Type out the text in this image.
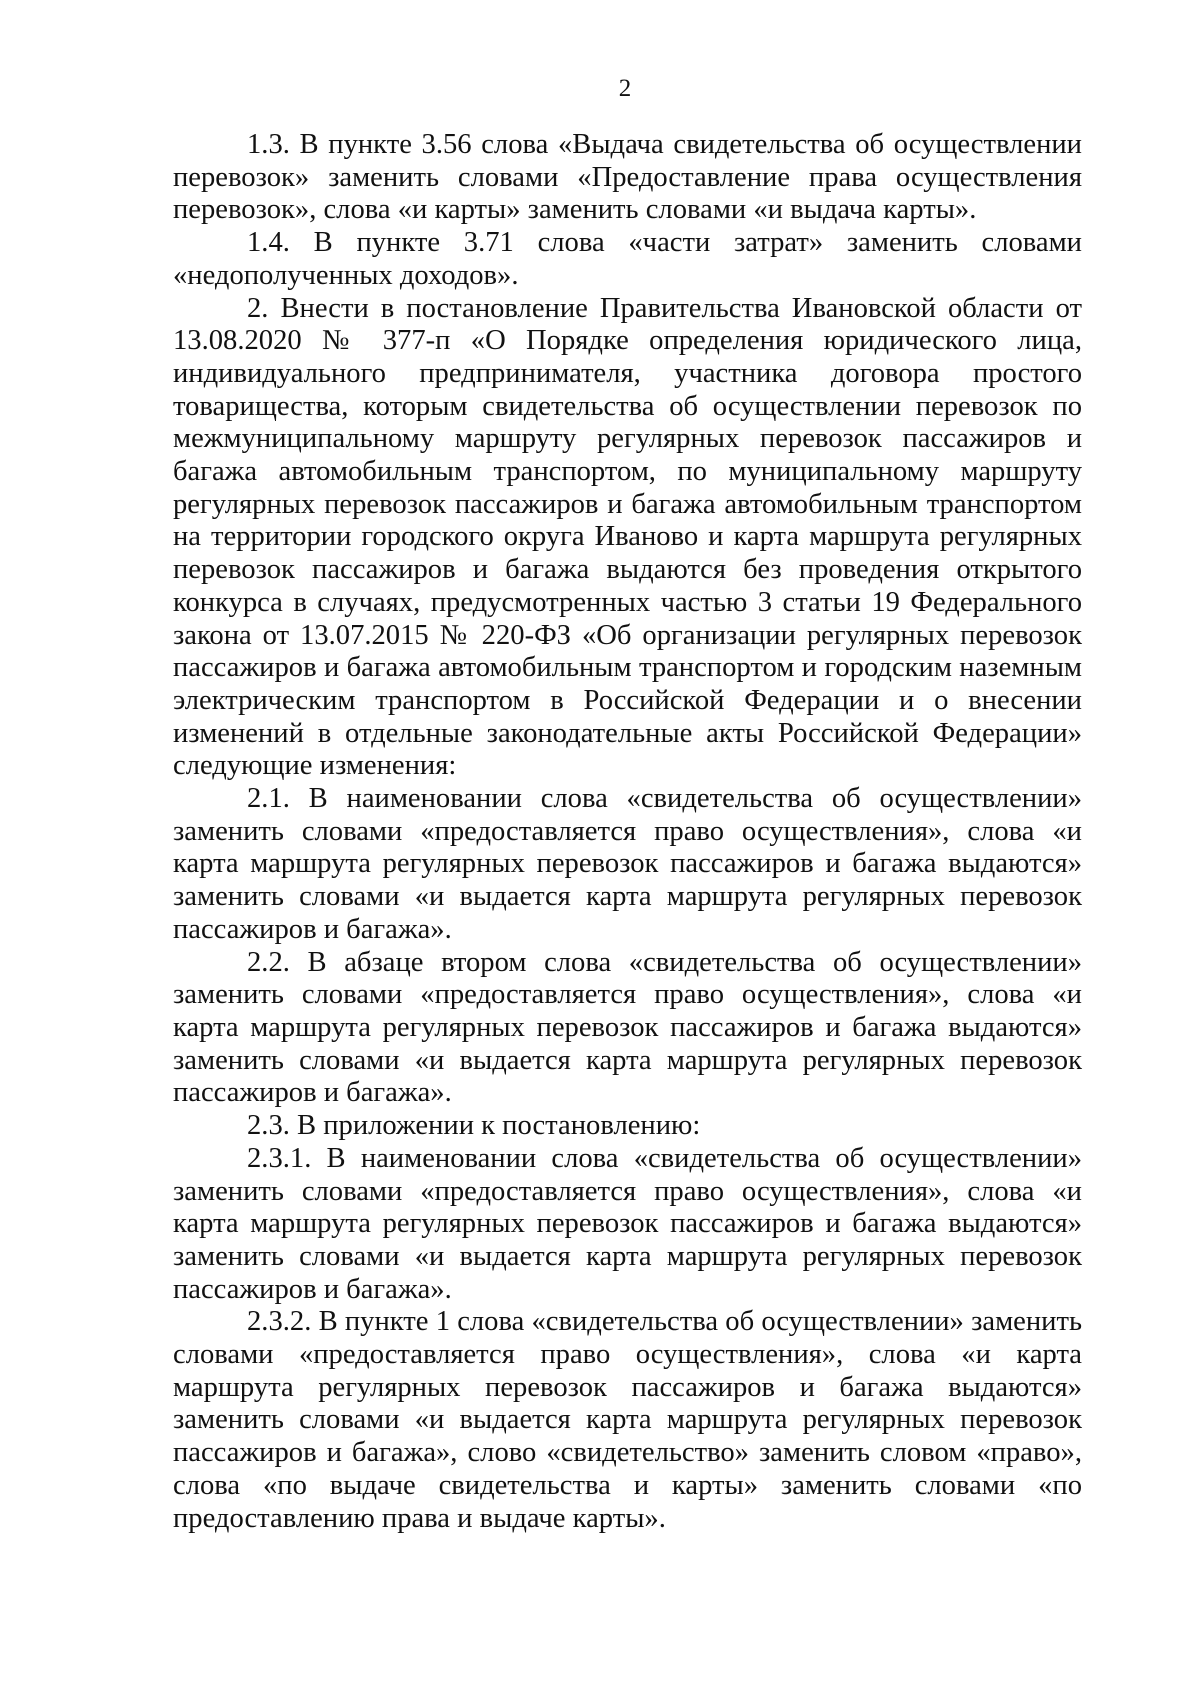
2

1.3. В пункте 3.56 слова «Выдача свидетельства об осуществлении перевозок» заменить словами «Предоставление права осуществления перевозок», слова «и карты» заменить словами «и выдача карты».

1.4. В пункте 3.71 слова «части затрат» заменить словами «недополученных доходов».

2. Внести в постановление Правительства Ивановской области от 13.08.2020 № 377-п «О Порядке определения юридического лица, индивидуального предпринимателя, участника договора простого товарищества, которым свидетельства об осуществлении перевозок по межмуниципальному маршруту регулярных перевозок пассажиров и багажа автомобильным транспортом, по муниципальному маршруту регулярных перевозок пассажиров и багажа автомобильным транспортом на территории городского округа Иваново и карта маршрута регулярных перевозок пассажиров и багажа выдаются без проведения открытого конкурса в случаях, предусмотренных частью 3 статьи 19 Федерального закона от 13.07.2015 № 220-ФЗ «Об организации регулярных перевозок пассажиров и багажа автомобильным транспортом и городским наземным электрическим транспортом в Российской Федерации и о внесении изменений в отдельные законодательные акты Российской Федерации» следующие изменения:

2.1. В наименовании слова «свидетельства об осуществлении» заменить словами «предоставляется право осуществления», слова «и карта маршрута регулярных перевозок пассажиров и багажа выдаются» заменить словами «и выдается карта маршрута регулярных перевозок пассажиров и багажа».

2.2. В абзаце втором слова «свидетельства об осуществлении» заменить словами «предоставляется право осуществления», слова «и карта маршрута регулярных перевозок пассажиров и багажа выдаются» заменить словами «и выдается карта маршрута регулярных перевозок пассажиров и багажа».

2.3. В приложении к постановлению:

2.3.1. В наименовании слова «свидетельства об осуществлении» заменить словами «предоставляется право осуществления», слова «и карта маршрута регулярных перевозок пассажиров и багажа выдаются» заменить словами «и выдается карта маршрута регулярных перевозок пассажиров и багажа».

2.3.2. В пункте 1 слова «свидетельства об осуществлении» заменить словами «предоставляется право осуществления», слова «и карта маршрута регулярных перевозок пассажиров и багажа выдаются» заменить словами «и выдается карта маршрута регулярных перевозок пассажиров и багажа», слово «свидетельство» заменить словом «право», слова «по выдаче свидетельства и карты» заменить словами «по предоставлению права и выдаче карты».
